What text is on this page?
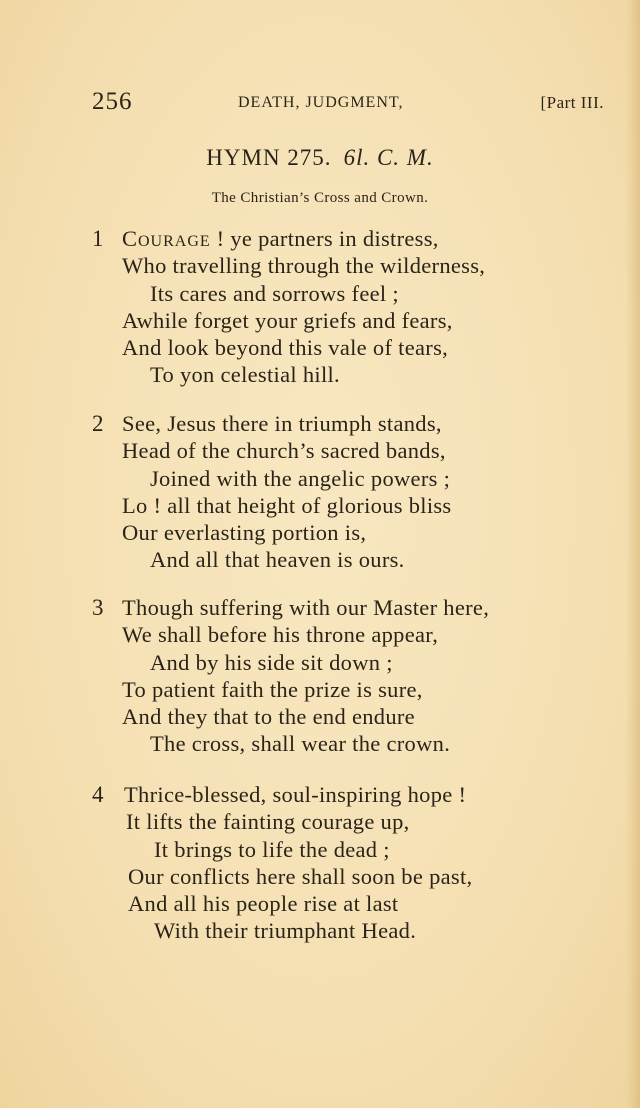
256	DEATH, JUDGMENT,	[Part III.
HYMN 275. 6l. C. M.
The Christian’s Cross and Crown.
1 Courage ! ye partners in distress,
Who travelling through the wilderness,
Its cares and sorrows feel ;
Awhile forget your griefs and fears,
And look beyond this vale of tears,
To yon celestial hill.
2 See, Jesus there in triumph stands,
Head of the church’s sacred bands,
Joined with the angelic powers ;
Lo ! all that height of glorious bliss
Our everlasting portion is,
And all that heaven is ours.
3 Though suffering with our Master here,
We shall before his throne appear,
And by his side sit down ;
To patient faith the prize is sure,
And they that to the end endure
The cross, shall wear the crown.
4 Thrice-blessed, soul-inspiring hope !
It lifts the fainting courage up,
It brings to life the dead ;
Our conflicts here shall soon be past,
And all his people rise at last
With their triumphant Head.
